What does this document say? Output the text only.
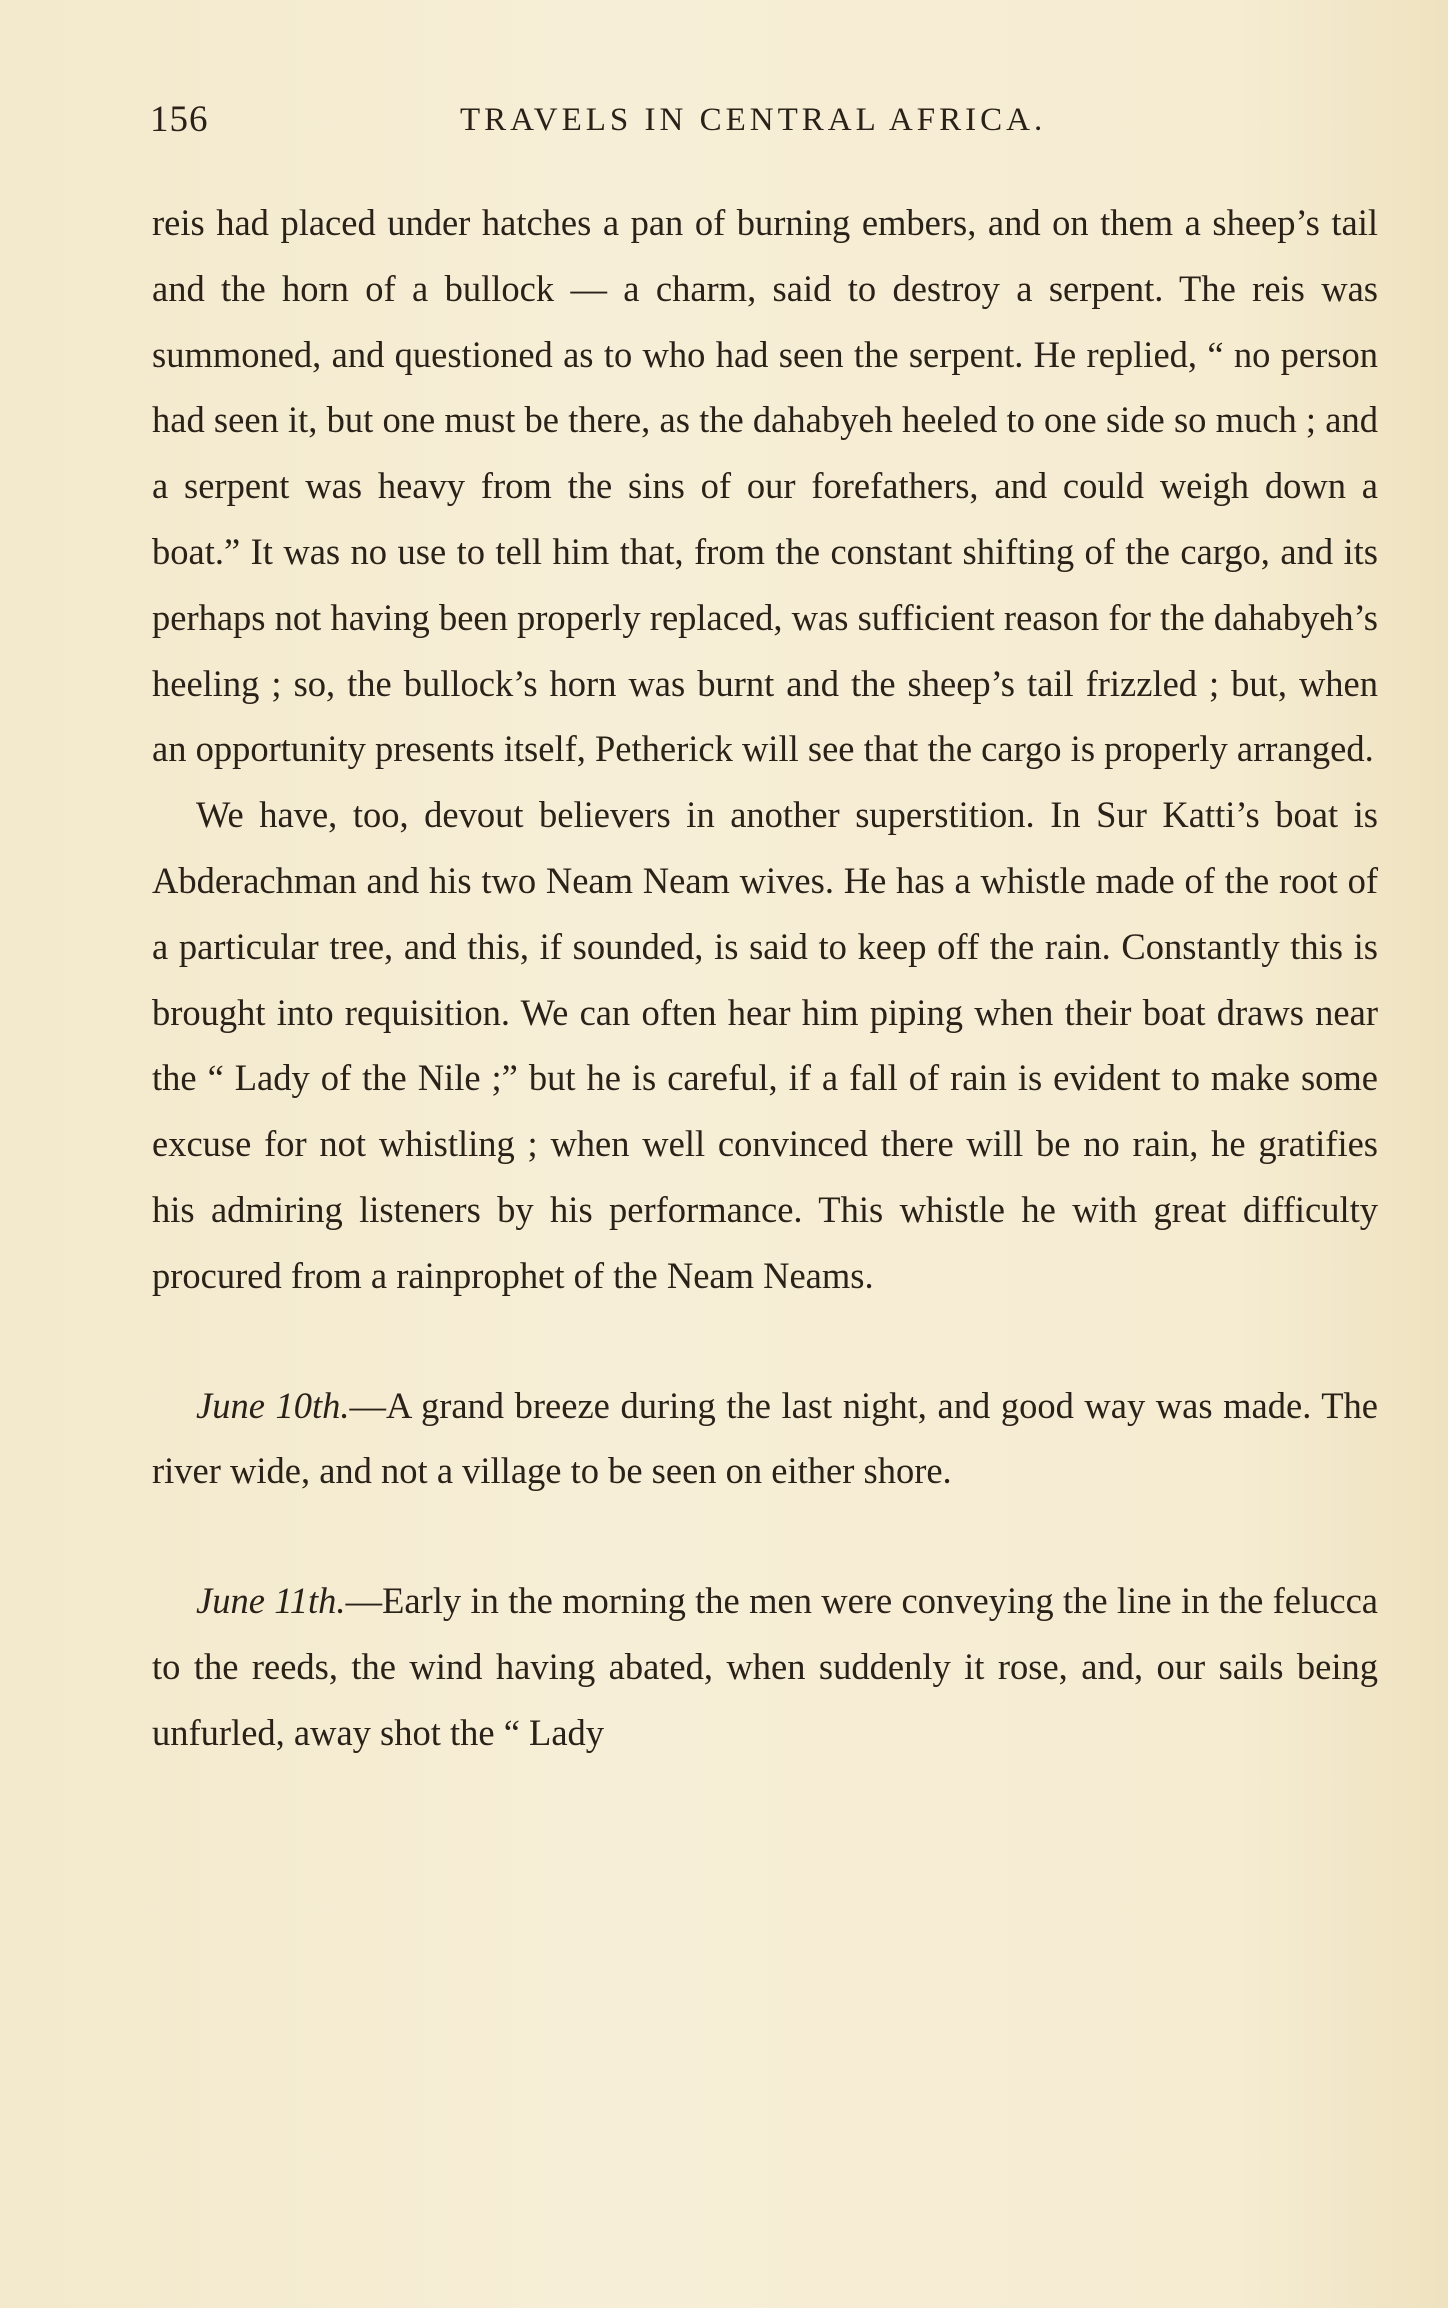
156	TRAVELS IN CENTRAL AFRICA.

reis had placed under hatches a pan of burning embers, and on them a sheep’s tail and the horn of a bullock — a charm, said to destroy a serpent. The reis was summoned, and questioned as to who had seen the serpent. He replied, “ no person had seen it, but one must be there, as the dahabyeh heeled to one side so much ; and a serpent was heavy from the sins of our forefathers, and could weigh down a boat.” It was no use to tell him that, from the constant shifting of the cargo, and its perhaps not having been properly replaced, was sufficient reason for the dahabyeh’s heeling ; so, the bullock’s horn was burnt and the sheep’s tail frizzled ; but, when an opportunity presents itself, Petherick will see that the cargo is properly arranged.

We have, too, devout believers in another superstition. In Sur Katti’s boat is Abderachman and his two Neam Neam wives. He has a whistle made of the root of a particular tree, and this, if sounded, is said to keep off the rain. Constantly this is brought into requisition. We can often hear him piping when their boat draws near the “ Lady of the Nile ;” but he is careful, if a fall of rain is evident to make some excuse for not whistling ; when well convinced there will be no rain, he gratifies his admiring listeners by his performance. This whistle he with great difficulty procured from a rainprophet of the Neam Neams.

June 10th.—A grand breeze during the last night, and good way was made. The river wide, and not a village to be seen on either shore.

June 11th.—Early in the morning the men were conveying the line in the felucca to the reeds, the wind having abated, when suddenly it rose, and, our sails being unfurled, away shot the “ Lady
